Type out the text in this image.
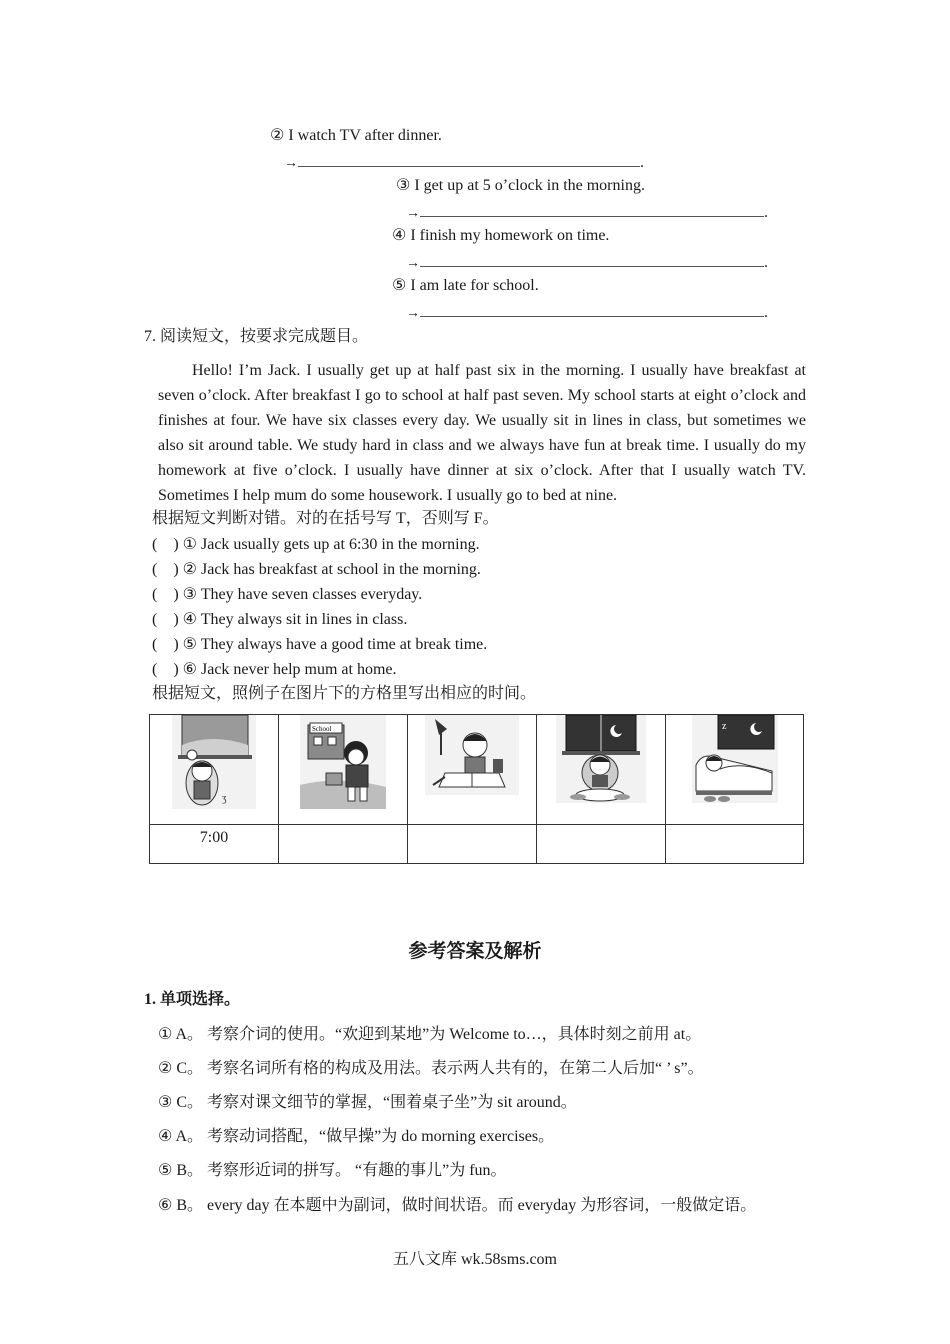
② I watch TV after dinner.
→	.
③ I get up at 5 o’clock in the morning.
→	.
④ I finish my homework on time.
→	.
⑤ I am late for school.
→	.
7. 阅读短文，按要求完成题目。
Hello! I’m Jack. I usually get up at half past six in the morning. I usually have breakfast at seven o’clock. After breakfast I go to school at half past seven. My school starts at eight o’clock and finishes at four. We have six classes every day. We usually sit in lines in class, but sometimes we also sit around table. We study hard in class and we always have fun at break time. I usually do my homework at five o’clock. I usually have dinner at six o’clock. After that I usually watch TV. Sometimes I help mum do some housework. I usually go to bed at nine.
根据短文判断对错。对的在括号写 T，否则写 F。
(    ) ① Jack usually gets up at 6:30 in the morning.
(    ) ② Jack has breakfast at school in the morning.
(    ) ③ They have seven classes everyday.
(    ) ④ They always sit in lines in class.
(    ) ⑤ They always have a good time at break time.
(    ) ⑥ Jack never help mum at home.
根据短文，照例子在图片下的方格里写出相应的时间。
ʒ	School			z

7:00				
参考答案及解析
1. 单项选择。
① A。 考察介词的使用。“欢迎到某地”为 Welcome to…，具体时刻之前用 at。
② C。 考察名词所有格的构成及用法。表示两人共有的，在第二人后加“ ’ s”。
③ C。 考察对课文细节的掌握，“围着桌子坐”为 sit around。
④ A。 考察动词搭配，“做早操”为 do morning exercises。
⑤ B。 考察形近词的拼写。 “有趣的事儿”为 fun。
⑥ B。 every day 在本题中为副词，做时间状语。而 everyday 为形容词，一般做定语。
五八文库 wk.58sms.com
